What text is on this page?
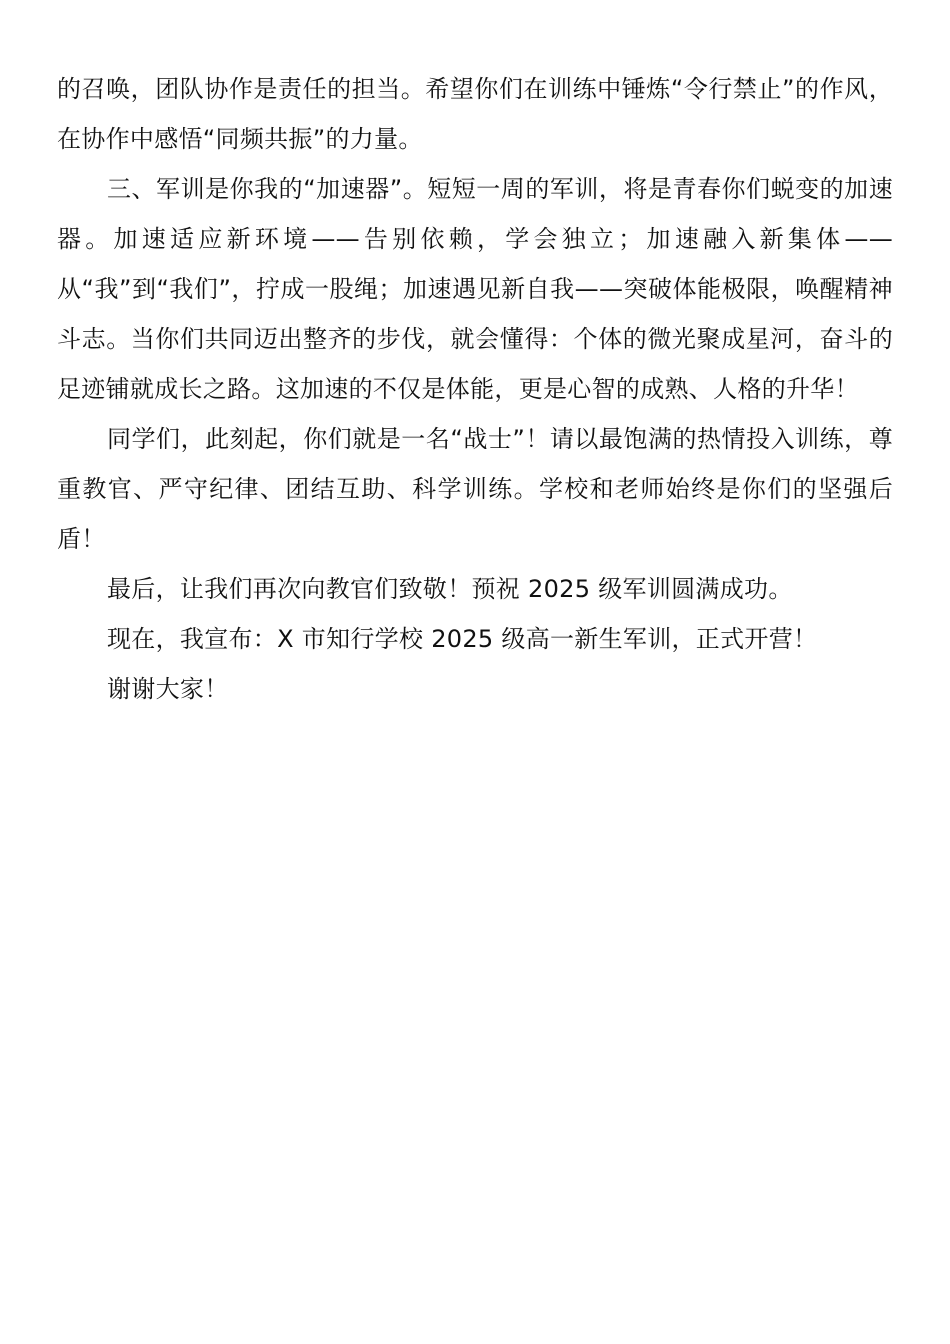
的召唤，团队协作是责任的担当。希望你们在训练中锤炼“令行禁止”的作风，在协作中感悟“同频共振”的力量。

三、军训是你我的“加速器”。短短一周的军训，将是青春你们蜕变的加速器。加速适应新环境——告别依赖，学会独立；加速融入新集体——从“我”到“我们”，拧成一股绳；加速遇见新自我——突破体能极限，唤醒精神斗志。当你们共同迈出整齐的步伐，就会懂得：个体的微光聚成星河，奋斗的足迹铺就成长之路。这加速的不仅是体能，更是心智的成熟、人格的升华！

同学们，此刻起，你们就是一名“战士”！请以最饱满的热情投入训练，尊重教官、严守纪律、团结互助、科学训练。学校和老师始终是你们的坚强后盾！

最后，让我们再次向教官们致敬！预祝 2025 级军训圆满成功。

现在，我宣布：X 市知行学校 2025 级高一新生军训，正式开营！

谢谢大家！
